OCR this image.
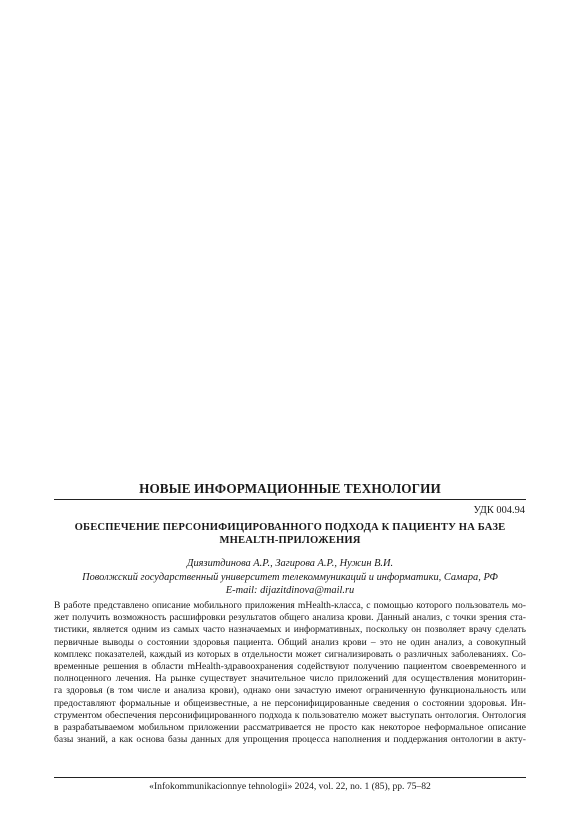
НОВЫЕ ИНФОРМАЦИОННЫЕ ТЕХНОЛОГИИ
УДК 004.94
ОБЕСПЕЧЕНИЕ ПЕРСОНИФИЦИРОВАННОГО ПОДХОДА К ПАЦИЕНТУ НА БАЗЕ
MHEALTH-ПРИЛОЖЕНИЯ
Диязитдинова А.Р., Загирова А.Р., Нужин В.И.
Поволжский государственный университет телекоммуникаций и информатики, Самара, РФ
E-mail: dijazitdinova@mail.ru
В работе представлено описание мобильного приложения mHealth-класса, с помощью которого пользователь мо-
жет получить возможность расшифровки результатов общего анализа крови. Данный анализ, с точки зрения ста-
тистики, является одним из самых часто назначаемых и информативных, поскольку он позволяет врачу сделать
первичные выводы о состоянии здоровья пациента. Общий анализ крови – это не один анализ, а совокупный
комплекс показателей, каждый из которых в отдельности может сигнализировать о различных заболеваниях. Со-
временные решения в области mHealth-здравоохранения содействуют получению пациентом своевременного и
полноценного лечения. На рынке существует значительное число приложений для осуществления мониторин-
га здоровья (в том числе и анализа крови), однако они зачастую имеют ограниченную функциональность или
предоставляют формальные и общеизвестные, а не персонифицированные сведения о состоянии здоровья. Ин-
струментом обеспечения персонифицированного подхода к пользователю может выступать онтология. Онтология
в разрабатываемом мобильном приложении рассматривается не просто как некоторое неформальное описание
базы знаний, а как основа базы данных для упрощения процесса наполнения и поддержания онтологии в акту-
«Infokommunikacionnye tehnologii» 2024, vol. 22, no. 1 (85), pp. 75–82
